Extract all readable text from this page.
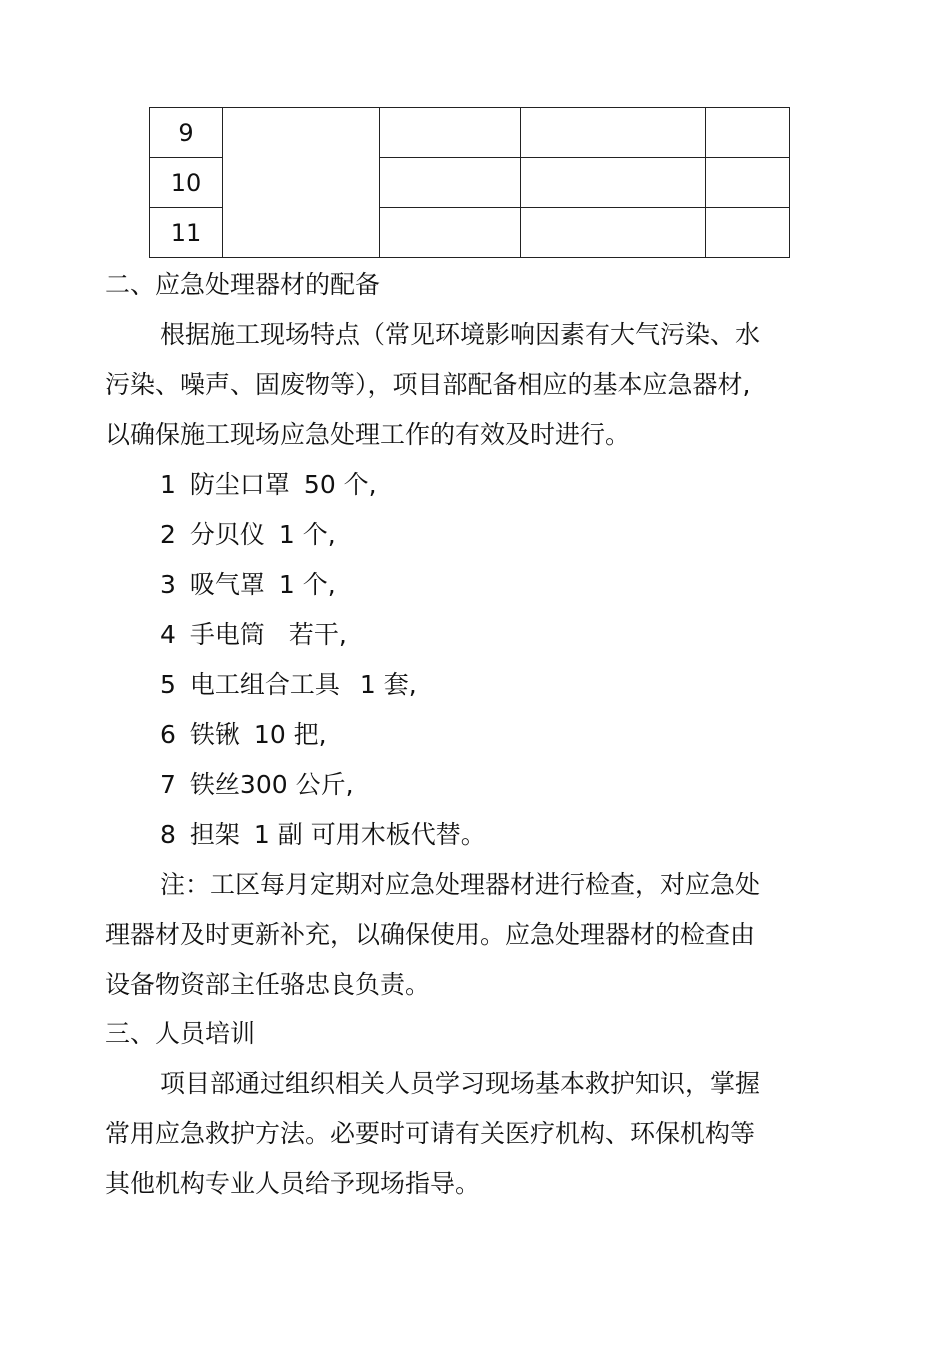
9				
10				
11				
二、应急处理器材的配备
根据施工现场特点（常见环境影响因素有大气污染、水
污染、噪声、固废物等），项目部配备相应的基本应急器材,
以确保施工现场应急处理工作的有效及时进行。
1 防尘口罩 50 个,
2 分贝仪 1 个,
3 吸气罩 1 个,
4 手电筒 若干,
5 电工组合工具 1 套,
6 铁锹 10 把,
7 铁丝300 公斤,
8 担架 1 副 可用木板代替。
注：工区每月定期对应急处理器材进行检查，对应急处
理器材及时更新补充，以确保使用。应急处理器材的检查由
设备物资部主任骆忠良负责。
三、人员培训
项目部通过组织相关人员学习现场基本救护知识，掌握
常用应急救护方法。必要时可请有关医疗机构、环保机构等
其他机构专业人员给予现场指导。
